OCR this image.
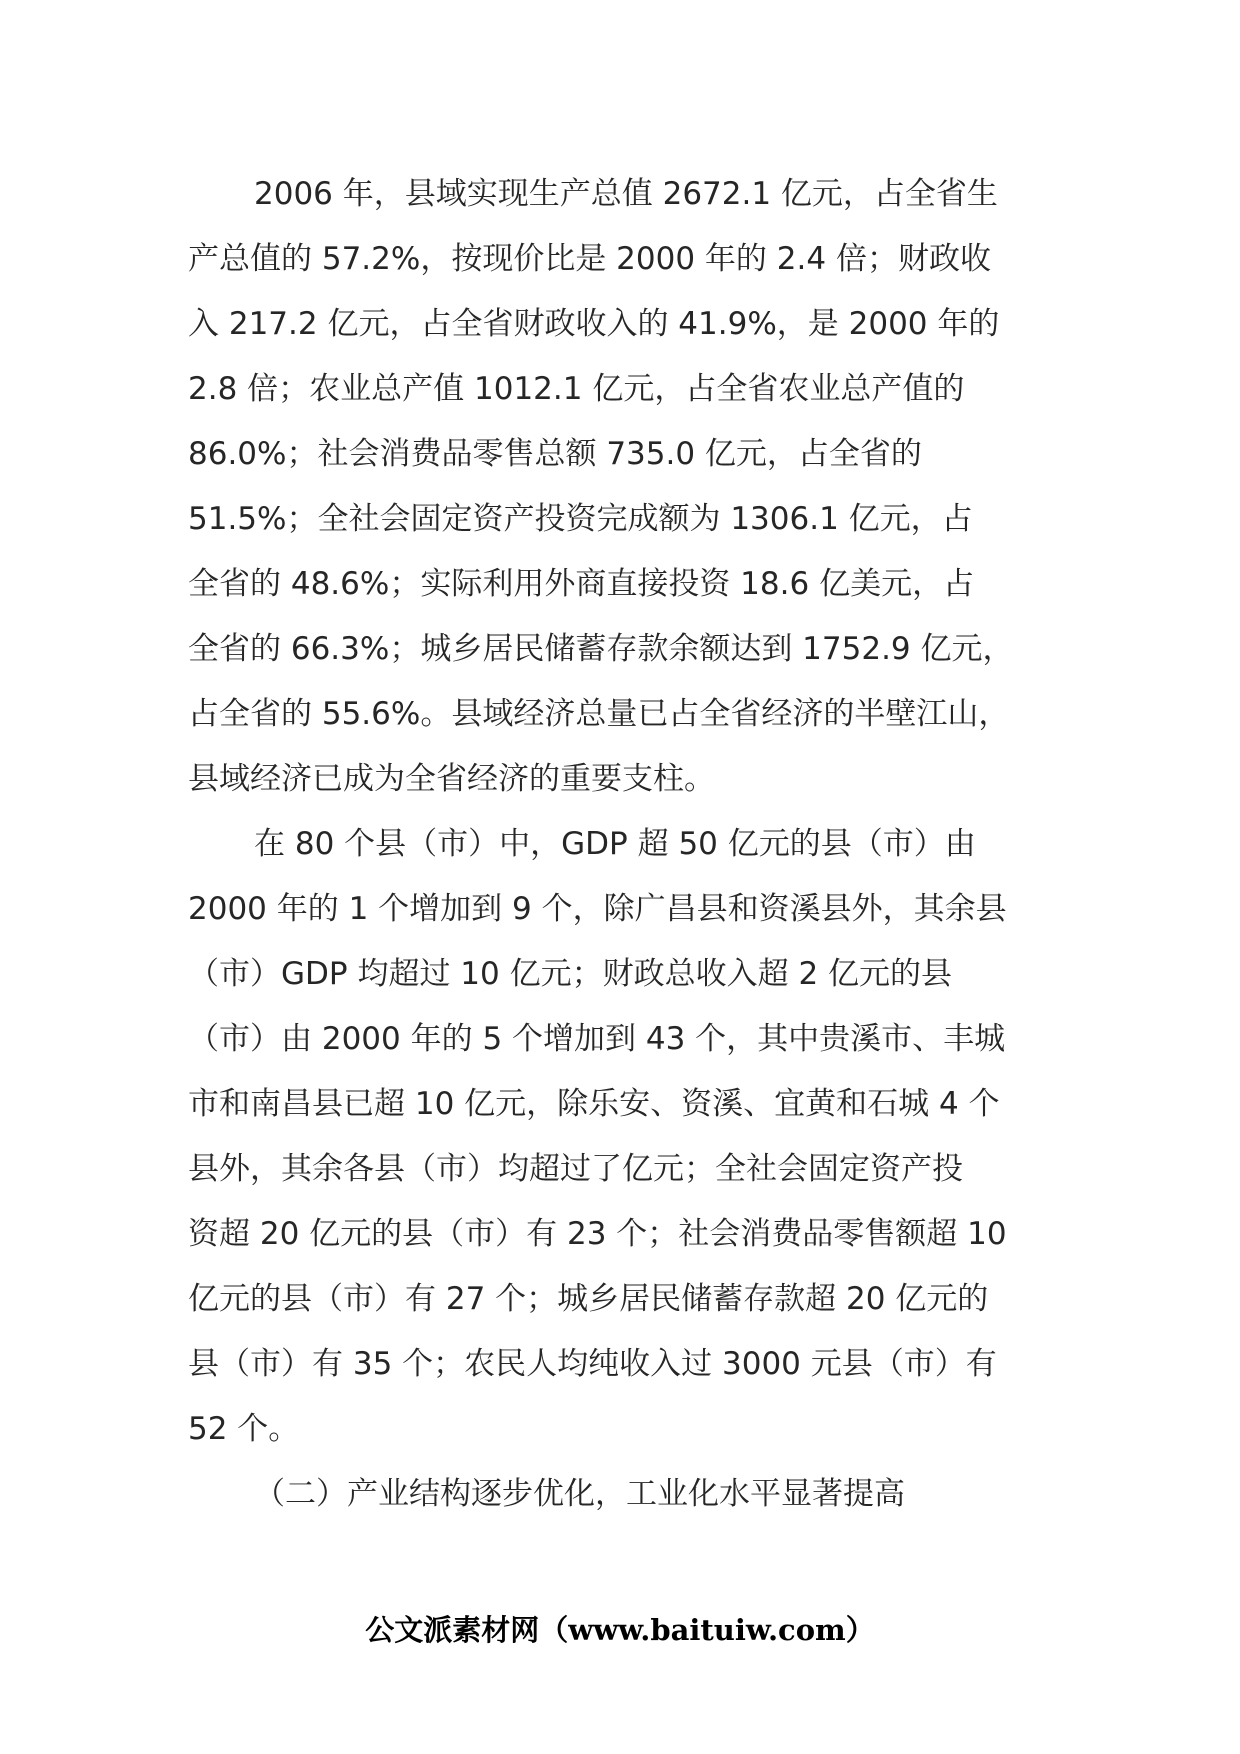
2006 年，县域实现生产总值 2672.1 亿元，占全省生
产总值的 57.2%，按现价比是 2000 年的 2.4 倍；财政收
入 217.2 亿元，占全省财政收入的 41.9%，是 2000 年的
2.8 倍；农业总产值 1012.1 亿元，占全省农业总产值的
86.0%；社会消费品零售总额 735.0 亿元，占全省的
51.5%；全社会固定资产投资完成额为 1306.1 亿元，占
全省的 48.6%；实际利用外商直接投资 18.6 亿美元，占
全省的 66.3%；城乡居民储蓄存款余额达到 1752.9 亿元，
占全省的 55.6%。县域经济总量已占全省经济的半壁江山，
县域经济已成为全省经济的重要支柱。
在 80 个县（市）中，GDP 超 50 亿元的县（市）由
2000 年的 1 个增加到 9 个，除广昌县和资溪县外，其余县
（市）GDP 均超过 10 亿元；财政总收入超 2 亿元的县
（市）由 2000 年的 5 个增加到 43 个，其中贵溪市、丰城
市和南昌县已超 10 亿元，除乐安、资溪、宜黄和石城 4 个
县外，其余各县（市）均超过了亿元；全社会固定资产投
资超 20 亿元的县（市）有 23 个；社会消费品零售额超 10
亿元的县（市）有 27 个；城乡居民储蓄存款超 20 亿元的
县（市）有 35 个；农民人均纯收入过 3000 元县（市）有
52 个。
（二）产业结构逐步优化，工业化水平显著提高
公文派素材网（www.baituiw.com）
